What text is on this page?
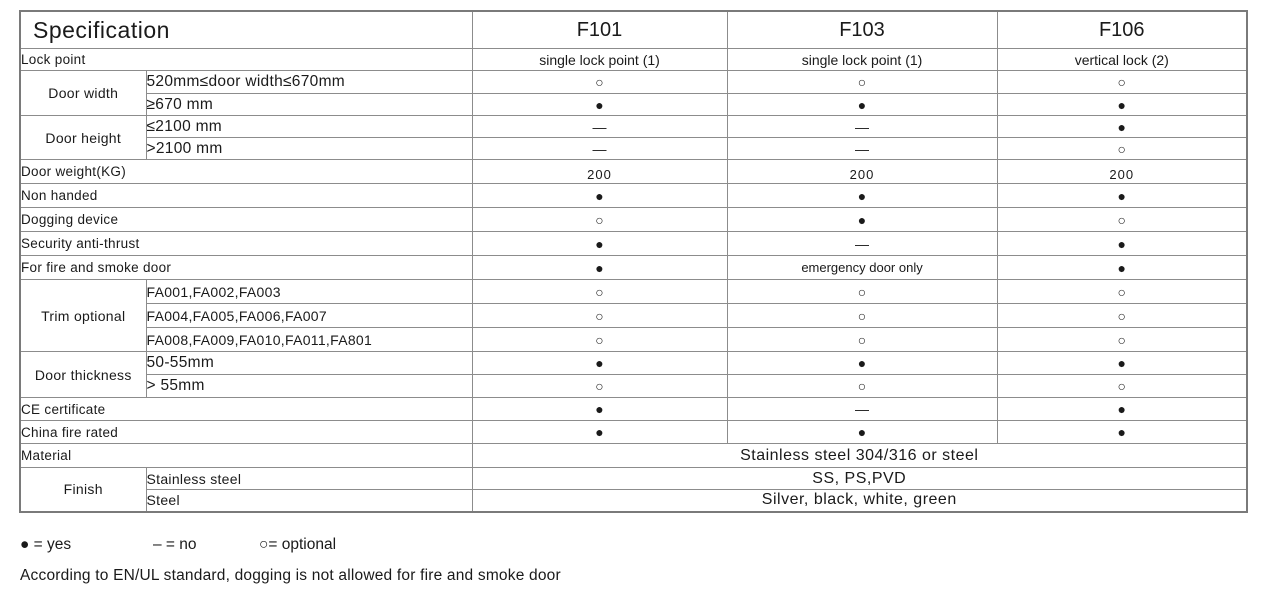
Specification		F101	F103	F106
Lock point		single lock point (1)	single lock point (1)	vertical lock (2)
Door width	520mm≤door width≤670mm	○	○	○
	≥670 mm	●	●	●
Door height	≤2100 mm	—	—	●
	>2100 mm	—	—	○
Door weight(KG)		200	200	200
Non handed		●	●	●
Dogging device		○	●	○
Security anti-thrust		●	—	●
For fire and smoke door		●	emergency door only	●
Trim optional	FA001,FA002,FA003	○	○	○
	FA004,FA005,FA006,FA007	○	○	○
	FA008,FA009,FA010,FA011,FA801	○	○	○
Door thickness	50-55mm	●	●	●
	> 55mm	○	○	○
CE certificate		●	—	●
China fire rated		●	●	●
Material		Stainless steel 304/316 or steel		
Finish	Stainless steel	SS, PS,PVD		
	Steel	Silver, black, white, green		
● = yes	– = no	○= optional
According to EN/UL standard, dogging is not allowed for fire and smoke door
